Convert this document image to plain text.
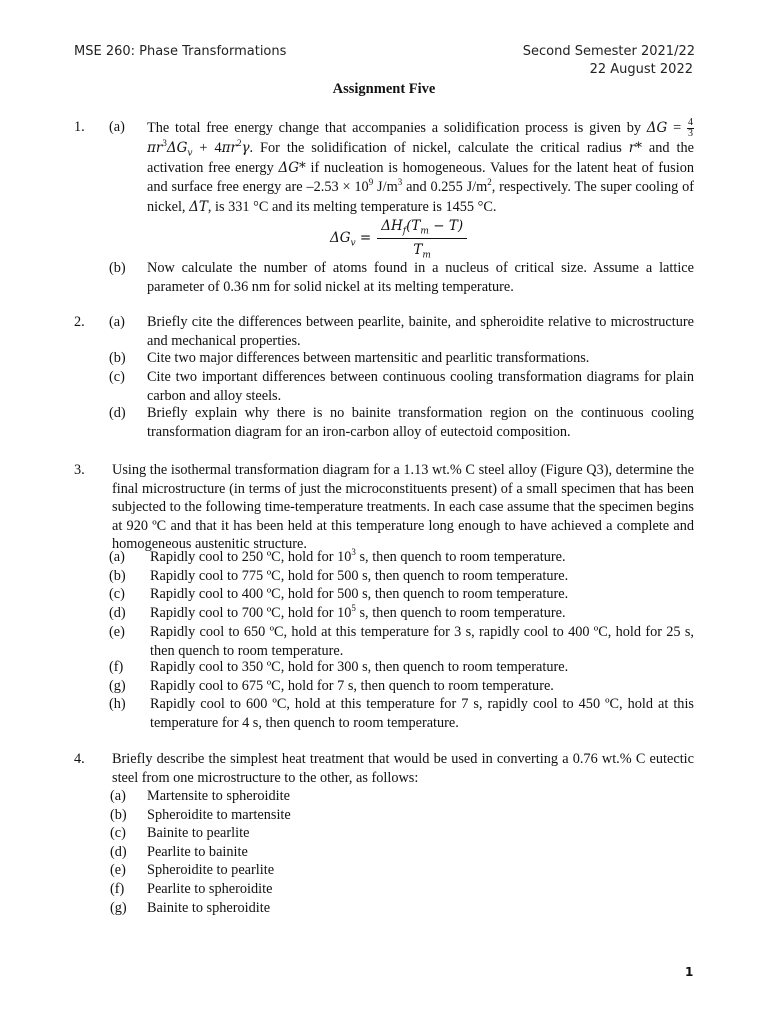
MSE 260: Phase Transformations	Second Semester 2021/22
22 August 2022
Assignment Five
1. (a) The total free energy change that accompanies a solidification process is given by $\Delta G = \frac{4}{3}$
$\pi r^3\Delta G_v + 4\pi r^2\gamma$. For the solidification of nickel, calculate the critical radius r* and the activation free energy ΔG* if nucleation is homogeneous. Values for the latent heat of fusion and surface free energy are $-2.53 \times 10^9$ $J/m^3$ and 0.255 $J/m^2$, respectively. The super cooling of nickel, ΔT, is 331 °C and its melting temperature is 1455 °C.
(b) Now calculate the number of atoms found in a nucleus of critical size. Assume a lattice parameter of 0.36 nm for solid nickel at its melting temperature.
$\Delta G_v$ =
$\Delta H_f(T_m - T)$
$T_m$
2. (a) Briefly cite the differences between pearlite, bainite, and spheroidite relative to microstructure and mechanical properties.
(b) Cite two major differences between martensitic and pearlitic transformations.
(c) Cite two important differences between continuous cooling transformation diagrams for plain carbon and alloy steels.
(d) Briefly explain why there is no bainite transformation region on the continuous cooling transformation diagram for an iron-carbon alloy of eutectoid composition.
3. Using the isothermal transformation diagram for a 1.13 wt.% C steel alloy (Figure Q3), determine the final microstructure (in terms of just the microconstituents present) of a small specimen that has been subjected to the following time-temperature treatments. In each case assume that the specimen begins at 920 ºC and that it has been held at this temperature long enough to have achieved a complete and homogeneous austenitic structure.
(a) Rapidly cool to 250 ºC, hold for $10^3$ s, then quench to room temperature.
(b) Rapidly cool to 775 ºC, hold for 500 s, then quench to room temperature.
(c) Rapidly cool to 400 ºC, hold for 500 s, then quench to room temperature.
(d) Rapidly cool to 700 ºC, hold for $10^5$ s, then quench to room temperature.
(e) Rapidly cool to 650 ºC, hold at this temperature for 3 s, rapidly cool to 400 ºC, hold for 25 s, then quench to room temperature.
(f) Rapidly cool to 350 ºC, hold for 300 s, then quench to room temperature.
(g) Rapidly cool to 675 ºC, hold for 7 s, then quench to room temperature.
(h) Rapidly cool to 600 ºC, hold at this temperature for 7 s, rapidly cool to 450 ºC, hold at this temperature for 4 s, then quench to room temperature.
4. Briefly describe the simplest heat treatment that would be used in converting a 0.76 wt.% C eutectic steel from one microstructure to the other, as follows:
(a) Martensite to spheroidite
(b) Spheroidite to martensite
(c) Bainite to pearlite
(d) Pearlite to bainite
(e) Spheroidite to pearlite
(f) Pearlite to spheroidite
(g) Bainite to spheroidite
1
